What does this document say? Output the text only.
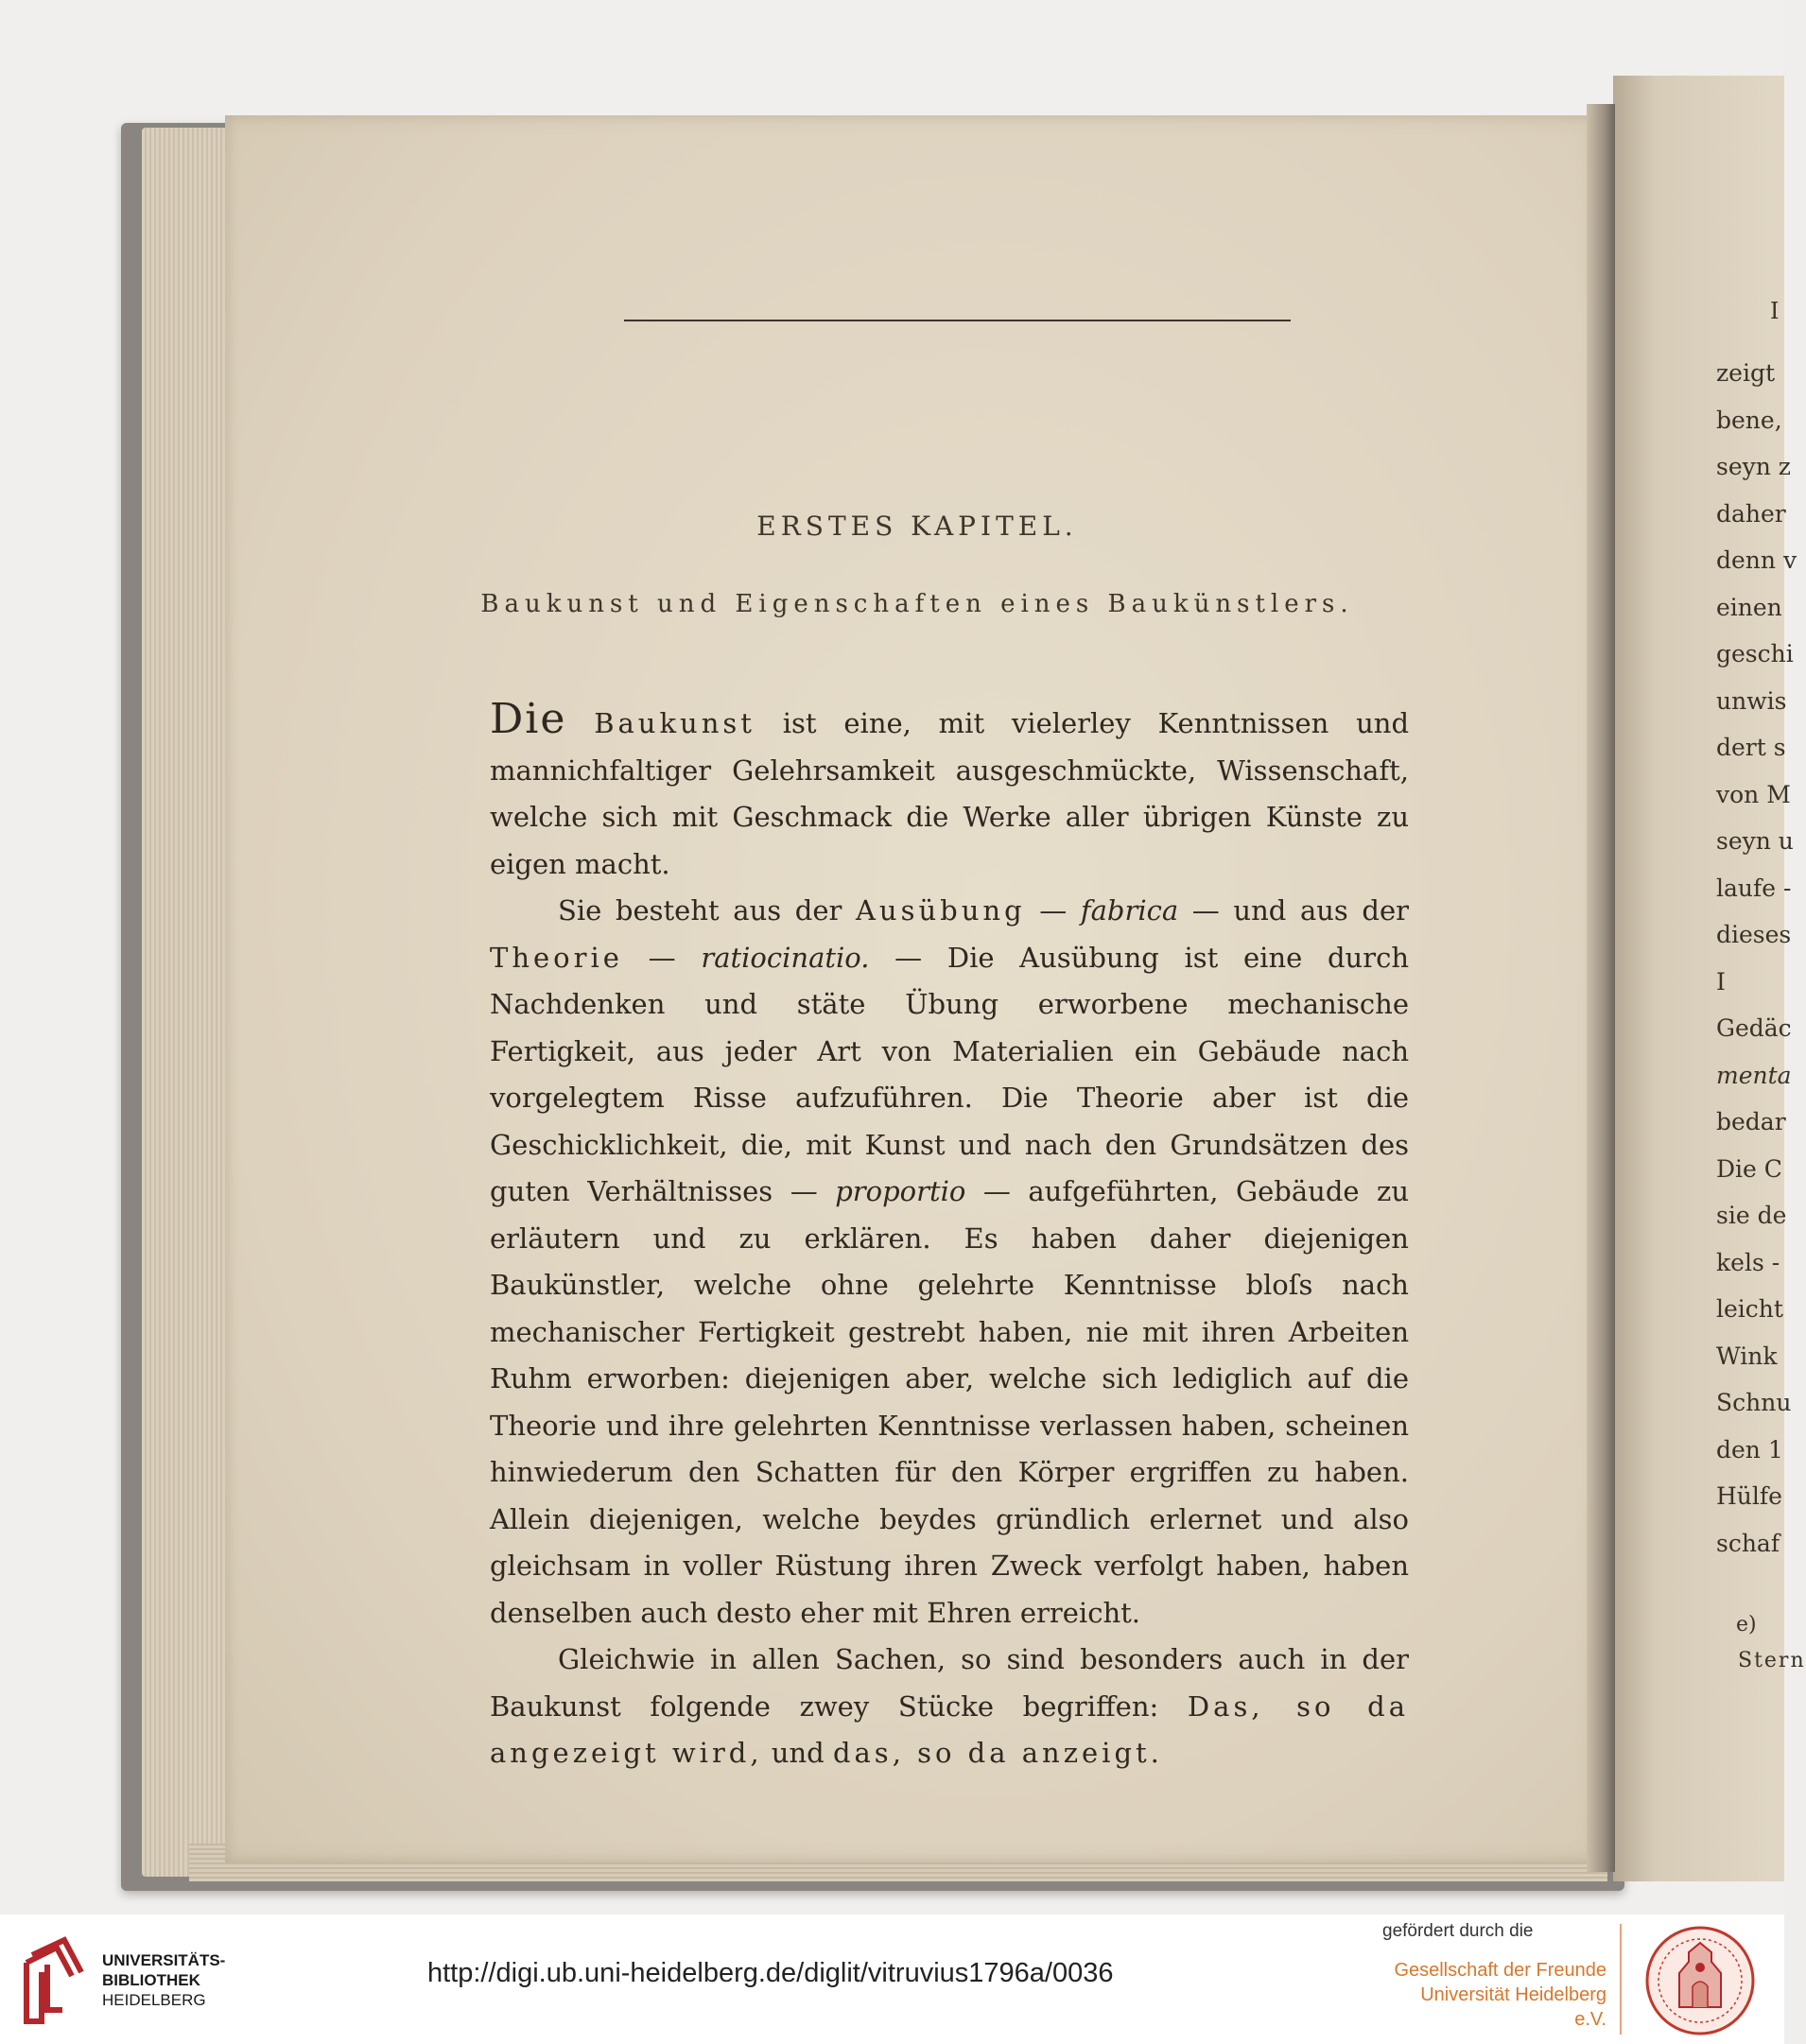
ERSTES KAPITEL.
Baukunst und Eigenschaften eines Baukünstlers.

Die Baukunst ist eine, mit vielerley Kenntnissen und mannichfaltiger Gelehrsamkeit ausgeschmückte, Wissenschaft, welche sich mit Geschmack die Werke aller übrigen Künste zu eigen macht.

Sie besteht aus der Ausübung — fabrica — und aus der Theorie — ratiocinatio. — Die Ausübung ist eine durch Nachdenken und stäte Übung erworbene mechanische Fertigkeit, aus jeder Art von Materialien ein Gebäude nach vorgelegtem Risse aufzuführen. Die Theorie aber ist die Geschicklichkeit, die, mit Kunst und nach den Grundsätzen des guten Verhältnisses — proportio — aufgeführten, Gebäude zu erläutern und zu erklären. Es haben daher diejenigen Baukünstler, welche ohne gelehrte Kenntnisse bloſs nach mechanischer Fertigkeit gestrebt haben, nie mit ihren Arbeiten Ruhm erworben: diejenigen aber, welche sich lediglich auf die Theorie und ihre gelehrten Kenntnisse verlassen haben, scheinen hinwiederum den Schatten für den Körper ergriffen zu haben. Allein diejenigen, welche beydes gründlich erlernet und also gleichsam in voller Rüstung ihren Zweck verfolgt haben, haben denselben auch desto eher mit Ehren erreicht.

Gleichwie in allen Sachen, so sind besonders auch in der Baukunst folgende zwey Stücke begriffen: Das, so da angezeigt wird, und das, so da anzeigt.

I
zeigt
bene,
seyn z
daher
denn v
einen
geschi
unwis
dert s
von M
seyn u
laufe -
dieses
I
Gedäc
menta
bedar
Die C
sie de
kels -
leicht
Wink
Schnu
den 1
Hülfe
schaf
e)
Stern

UNIVERSITÄTS-
BIBLIOTHEK
HEIDELBERG

http://digi.ub.uni-heidelberg.de/diglit/vitruvius1796a/0036

gefördert durch die

Gesellschaft der Freunde
Universität Heidelberg e.V.
